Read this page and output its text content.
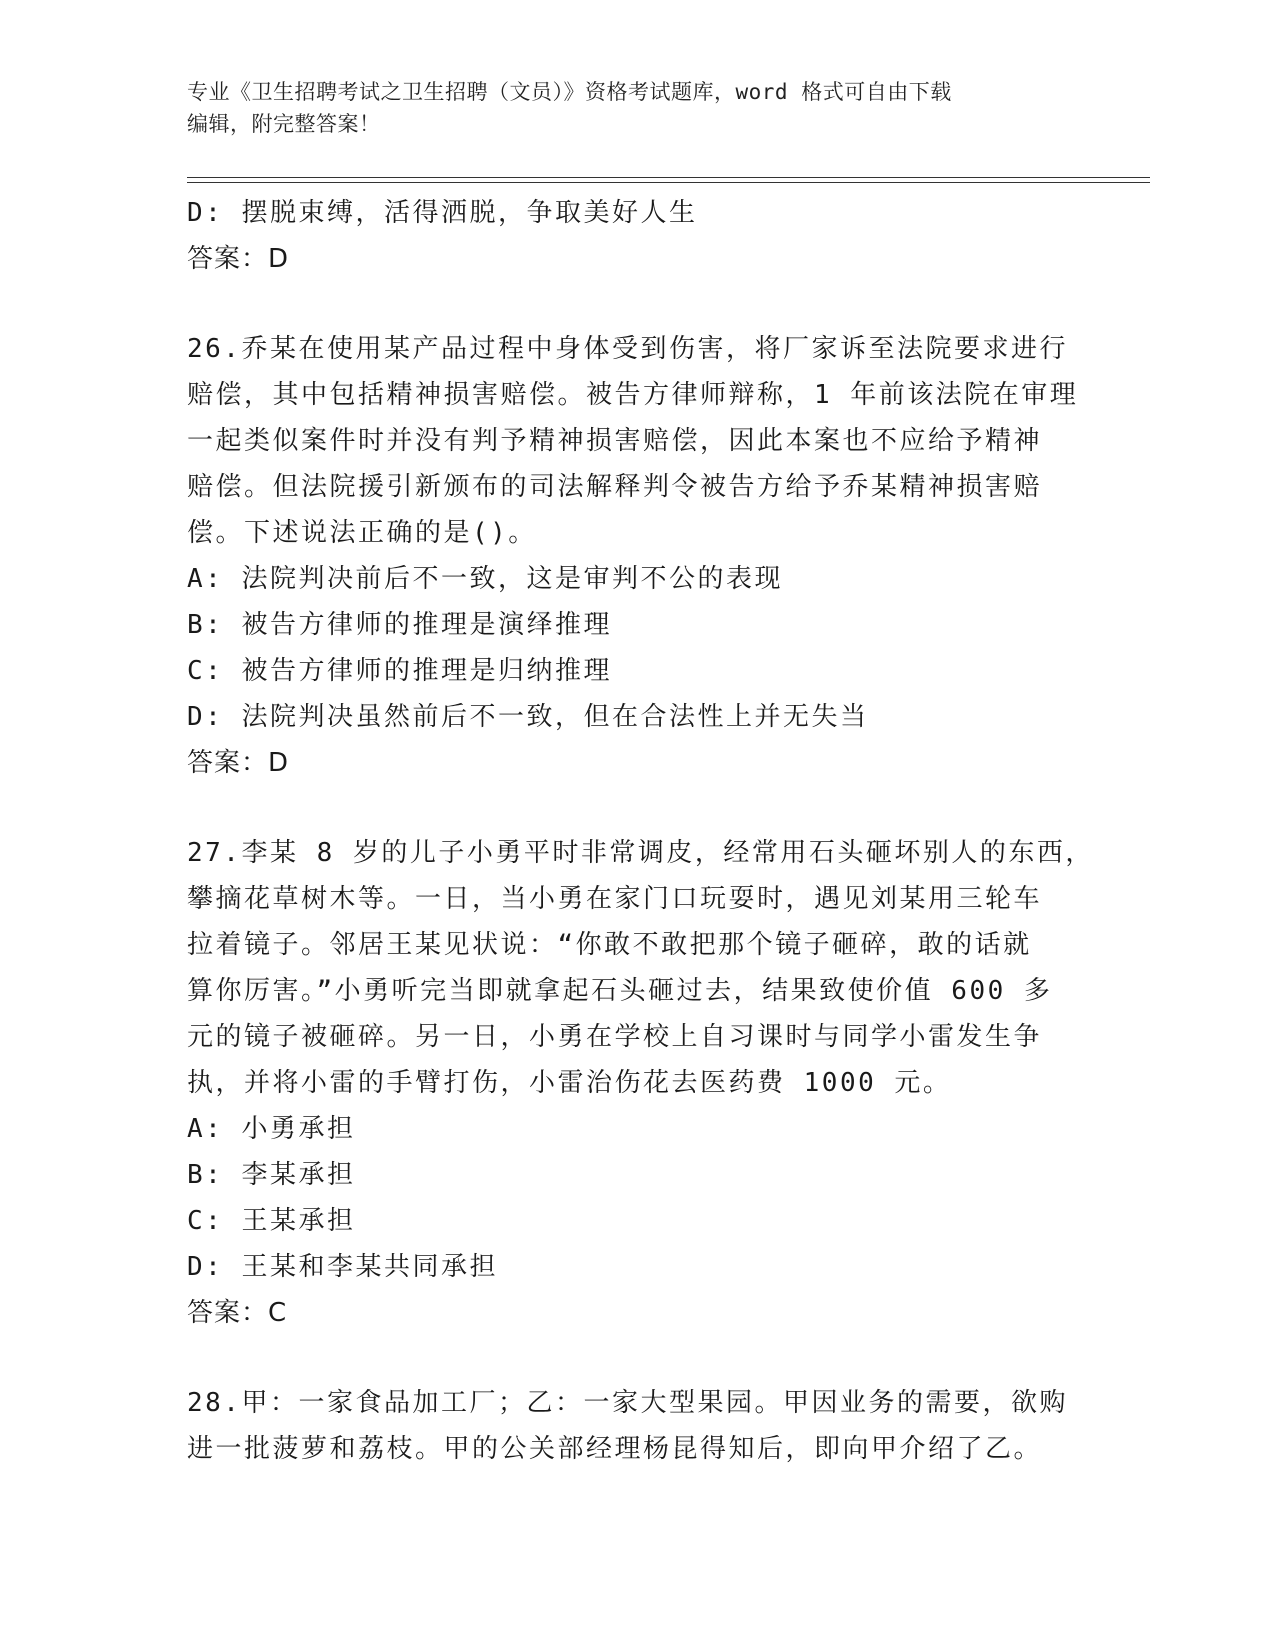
专业《卫生招聘考试之卫生招聘（文员）》资格考试题库，word 格式可自由下载
编辑，附完整答案！
D: 摆脱束缚，活得洒脱，争取美好人生
答案：D
26.乔某在使用某产品过程中身体受到伤害，将厂家诉至法院要求进行
赔偿，其中包括精神损害赔偿。被告方律师辩称，1 年前该法院在审理
一起类似案件时并没有判予精神损害赔偿，因此本案也不应给予精神
赔偿。但法院援引新颁布的司法解释判令被告方给予乔某精神损害赔
偿。下述说法正确的是()。
A: 法院判决前后不一致，这是审判不公的表现
B: 被告方律师的推理是演绎推理
C: 被告方律师的推理是归纳推理
D: 法院判决虽然前后不一致，但在合法性上并无失当
答案：D
27.李某 8 岁的儿子小勇平时非常调皮，经常用石头砸坏别人的东西，
攀摘花草树木等。一日，当小勇在家门口玩耍时，遇见刘某用三轮车
拉着镜子。邻居王某见状说：“你敢不敢把那个镜子砸碎，敢的话就
算你厉害。”小勇听完当即就拿起石头砸过去，结果致使价值 600 多
元的镜子被砸碎。另一日，小勇在学校上自习课时与同学小雷发生争
执，并将小雷的手臂打伤，小雷治伤花去医药费 1000 元。
A: 小勇承担
B: 李某承担
C: 王某承担
D: 王某和李某共同承担
答案：C
28.甲：一家食品加工厂；乙：一家大型果园。甲因业务的需要，欲购
进一批菠萝和荔枝。甲的公关部经理杨昆得知后，即向甲介绍了乙。
